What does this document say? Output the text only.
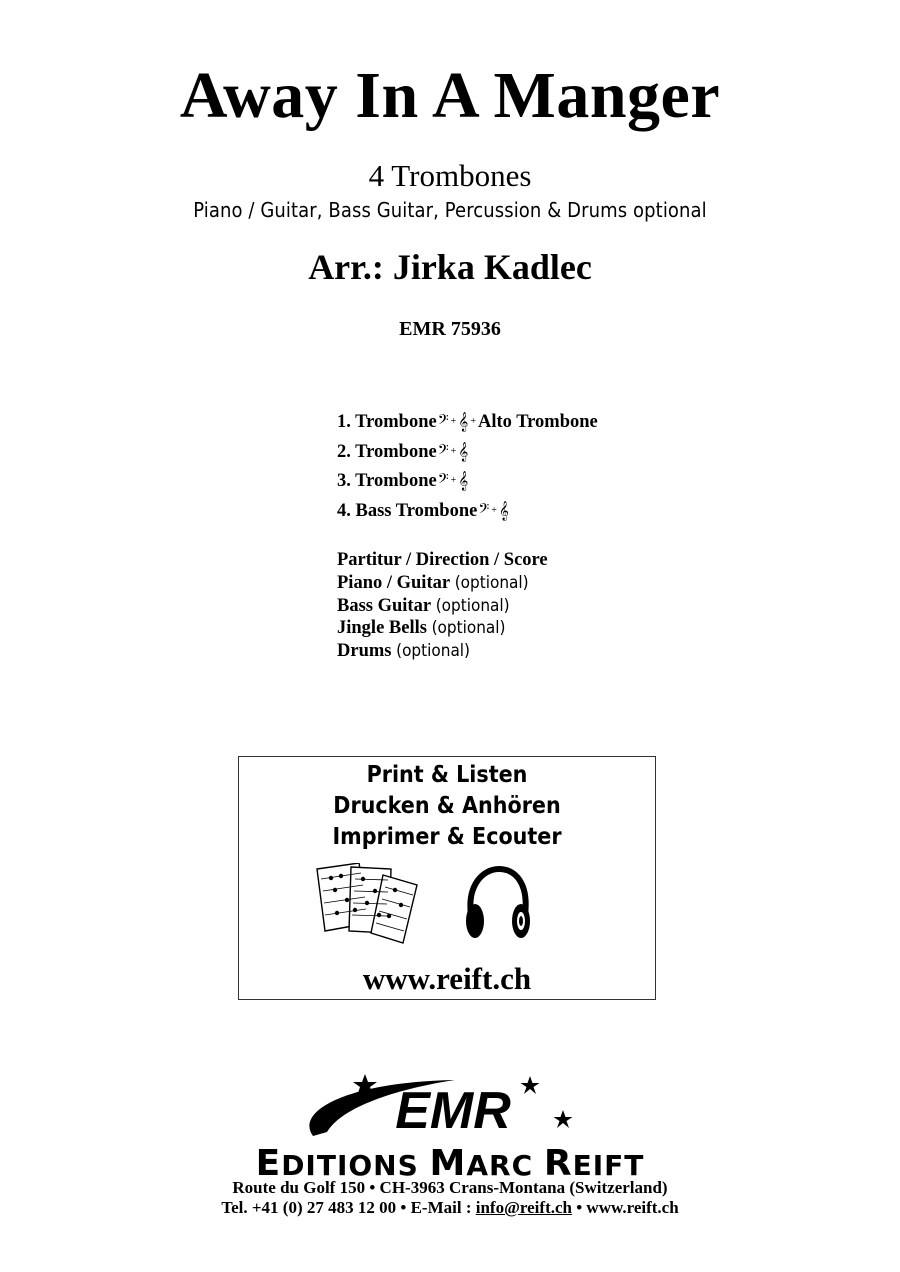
Away In A Manger
4 Trombones
Piano / Guitar, Bass Guitar, Percussion & Drums optional
Arr.: Jirka Kadlec
EMR 75936
1. Trombone𝄢 + 𝄞 + Alto Trombone
2. Trombone𝄢 + 𝄞
3. Trombone𝄢 + 𝄞
4. Bass Trombone𝄢 + 𝄞
Partitur / Direction / Score
Piano / Guitar (optional)
Bass Guitar (optional)
Jingle Bells (optional)
Drums (optional)
Print & Listen
Drucken & Anhören
Imprimer & Ecouter
www.reift.ch
EMR
EDITIONS MARC REIFT
Route du Golf 150 • CH-3963 Crans-Montana (Switzerland)
Tel. +41 (0) 27 483 12 00 • E-Mail : info@reift.ch • www.reift.ch
